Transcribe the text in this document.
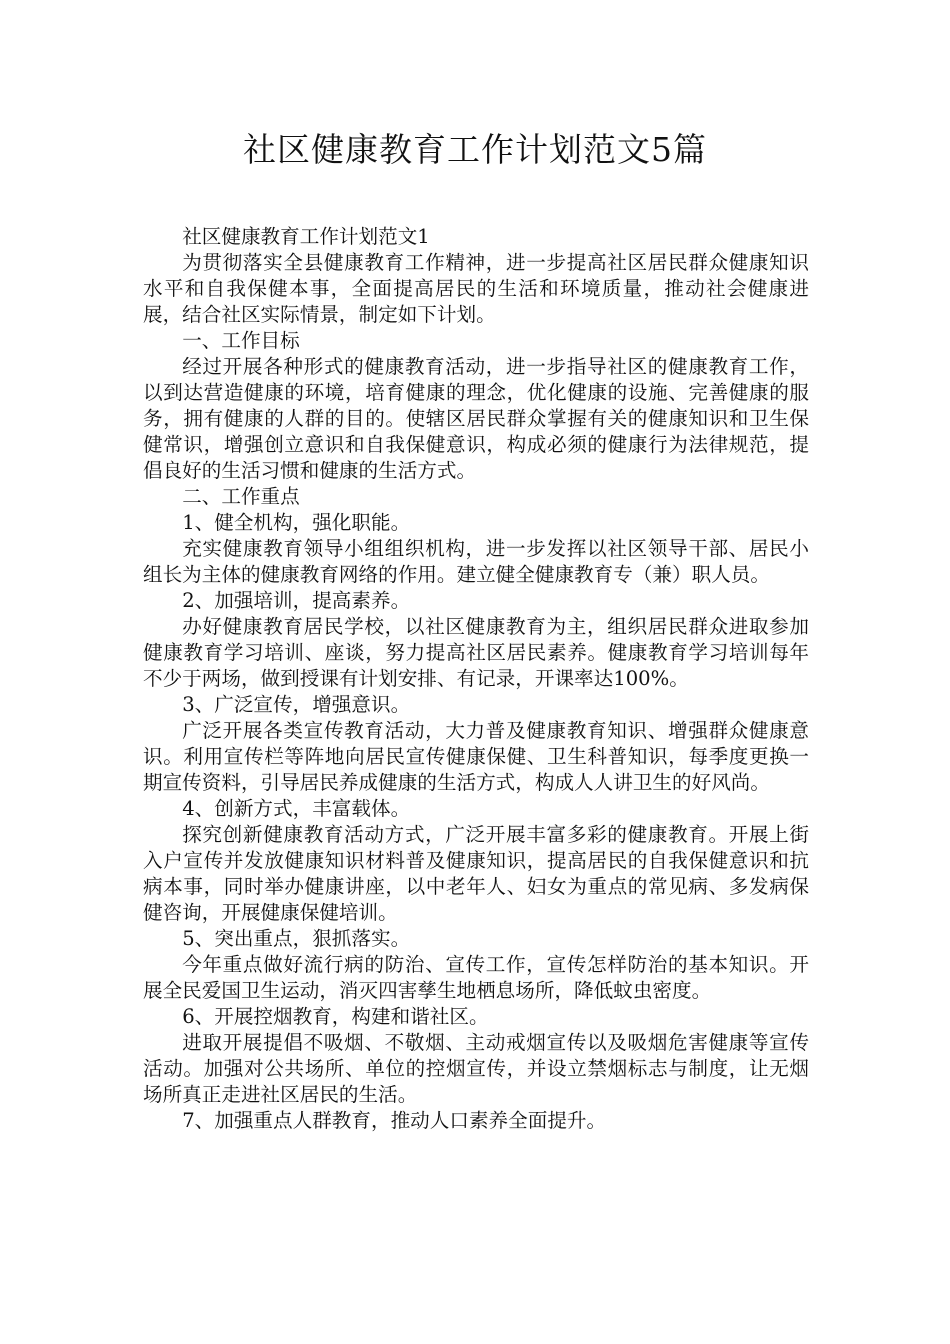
社区健康教育工作计划范文5篇

社区健康教育工作计划范文1

为贯彻落实全县健康教育工作精神，进一步提高社区居民群众健康知识水平和自我保健本事，全面提高居民的生活和环境质量，推动社会健康进展，结合社区实际情景，制定如下计划。

一、工作目标

经过开展各种形式的健康教育活动，进一步指导社区的健康教育工作，以到达营造健康的环境，培育健康的理念，优化健康的设施、完善健康的服务，拥有健康的人群的目的。使辖区居民群众掌握有关的健康知识和卫生保健常识，增强创立意识和自我保健意识，构成必须的健康行为法律规范，提倡良好的生活习惯和健康的生活方式。

二、工作重点

1、健全机构，强化职能。

充实健康教育领导小组组织机构，进一步发挥以社区领导干部、居民小组长为主体的健康教育网络的作用。建立健全健康教育专（兼）职人员。

2、加强培训，提高素养。

办好健康教育居民学校，以社区健康教育为主，组织居民群众进取参加健康教育学习培训、座谈，努力提高社区居民素养。健康教育学习培训每年不少于两场，做到授课有计划安排、有记录，开课率达100%。

3、广泛宣传，增强意识。

广泛开展各类宣传教育活动，大力普及健康教育知识、增强群众健康意识。利用宣传栏等阵地向居民宣传健康保健、卫生科普知识，每季度更换一期宣传资料，引导居民养成健康的生活方式，构成人人讲卫生的好风尚。

4、创新方式，丰富载体。

探究创新健康教育活动方式，广泛开展丰富多彩的健康教育。开展上街入户宣传并发放健康知识材料普及健康知识，提高居民的自我保健意识和抗病本事，同时举办健康讲座，以中老年人、妇女为重点的常见病、多发病保健咨询，开展健康保健培训。

5、突出重点，狠抓落实。

今年重点做好流行病的防治、宣传工作，宣传怎样防治的基本知识。开展全民爱国卫生运动，消灭四害孳生地栖息场所，降低蚊虫密度。

6、开展控烟教育，构建和谐社区。

进取开展提倡不吸烟、不敬烟、主动戒烟宣传以及吸烟危害健康等宣传活动。加强对公共场所、单位的控烟宣传，并设立禁烟标志与制度，让无烟场所真正走进社区居民的生活。

7、加强重点人群教育，推动人口素养全面提升。
